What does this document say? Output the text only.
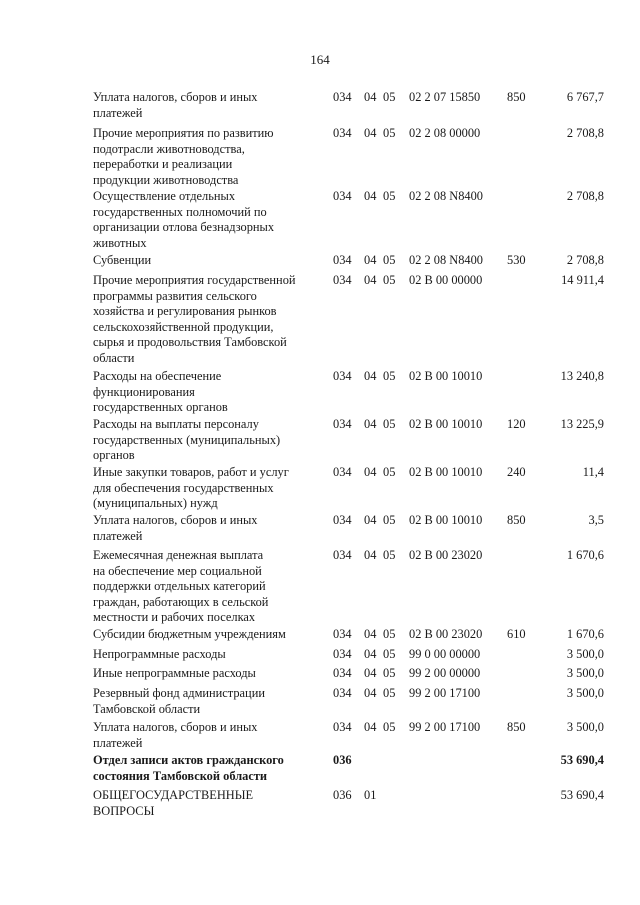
164
Уплата налогов, сборов и иных
платежей
034 04 05 02 2 07 15850 850	6 767,7
Прочие мероприятия по развитию
подотрасли животноводства,
переработки и реализации
продукции животноводства
034 04 05 02 2 08 00000	2 708,8
Осуществление отдельных
государственных полномочий по
организации отлова безнадзорных
животных
034 04 05 02 2 08 N8400	2 708,8
Субвенции	034 04 05 02 2 08 N8400 530	2 708,8
Прочие мероприятия государственной
программы развития сельского
хозяйства и регулирования рынков
сельскохозяйственной продукции,
сырья и продовольствия Тамбовской
области
034 04 05 02 В 00 00000	14 911,4
Расходы на обеспечение
функционирования
государственных органов
034 04 05 02 В 00 10010	13 240,8
Расходы на выплаты персоналу
государственных (муниципальных)
органов
034 04 05 02 В 00 10010 120	13 225,9
Иные закупки товаров, работ и услуг
для обеспечения государственных
(муниципальных) нужд
034 04 05 02 В 00 10010 240	11,4
Уплата налогов, сборов и иных
платежей
034 04 05 02 В 00 10010 850	3,5
Ежемесячная денежная выплата
на обеспечение мер социальной
поддержки отдельных категорий
граждан, работающих в сельской
местности и рабочих поселках
034 04 05 02 В 00 23020	1 670,6
Субсидии бюджетным учреждениям	034 04 05 02 В 00 23020 610	1 670,6
Непрограммные расходы	034 04 05 99 0 00 00000	3 500,0
Иные непрограммные расходы	034 04 05 99 2 00 00000	3 500,0
Резервный фонд администрации
Тамбовской области
034 04 05 99 2 00 17100	3 500,0
Уплата налогов, сборов и иных
платежей
034 04 05 99 2 00 17100 850	3 500,0
Отдел записи актов гражданского
состояния Тамбовской области
036	53 690,4
ОБЩЕГОСУДАРСТВЕННЫЕ
ВОПРОСЫ
036 01	53 690,4
